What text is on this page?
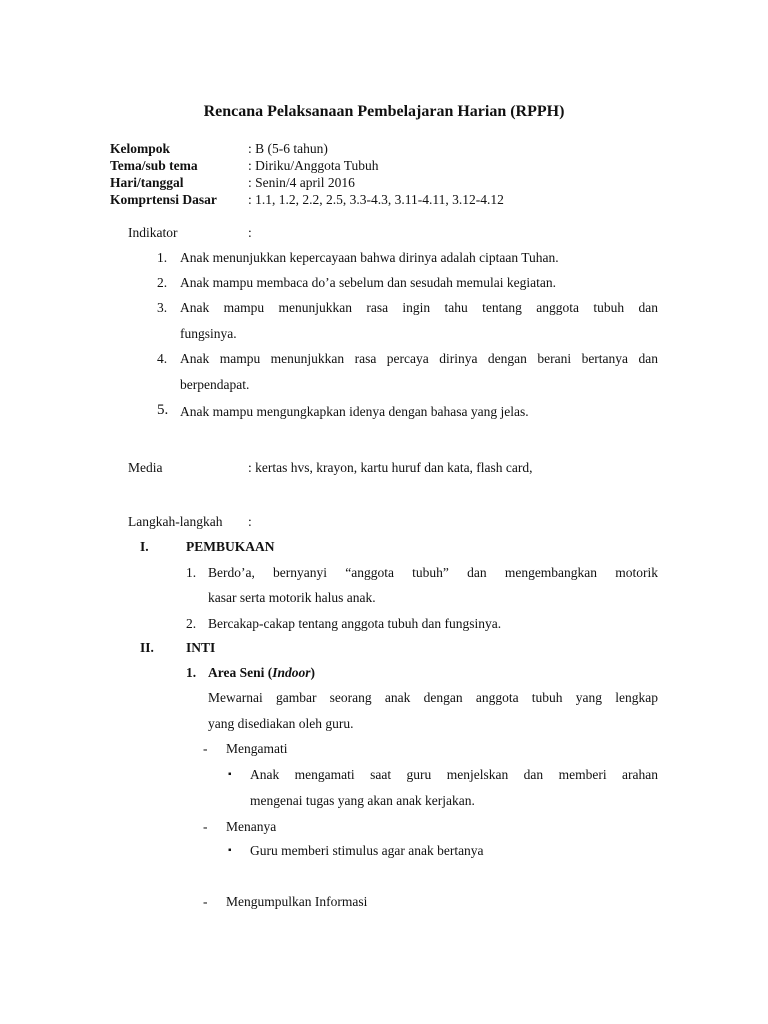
Rencana Pelaksanaan Pembelajaran Harian (RPPH)
Kelompok	: B (5-6 tahun)
Tema/sub tema	: Diriku/Anggota Tubuh
Hari/tanggal	: Senin/4 april 2016
Komprtensi Dasar : 1.1, 1.2, 2.2, 2.5, 3.3-4.3, 3.11-4.11, 3.12-4.12
Indikator	:
1. Anak menunjukkan kepercayaan bahwa dirinya adalah ciptaan Tuhan.
2. Anak mampu membaca do’a sebelum dan sesudah memulai kegiatan.
3. Anak mampu menunjukkan rasa ingin tahu tentang anggota tubuh dan
fungsinya.
4. Anak mampu menunjukkan rasa percaya dirinya dengan berani bertanya dan
berpendapat.
5. Anak mampu mengungkapkan idenya dengan bahasa yang jelas.
Media	: kertas hvs, krayon, kartu huruf dan kata, flash card,
Langkah-langkah :
I.	PEMBUKAAN
1. Berdo’a, bernyanyi “anggota tubuh” dan mengembangkan motorik
kasar serta motorik halus anak.
2. Bercakap-cakap tentang anggota tubuh dan fungsinya.
II. INTI
1. Area Seni (Indoor)
Mewarnai gambar seorang anak dengan anggota tubuh yang lengkap
yang disediakan oleh guru.
- Mengamati
▪ Anak mengamati saat guru menjelskan dan memberi arahan
mengenai tugas yang akan anak kerjakan.
- Menanya
▪ Guru memberi stimulus agar anak bertanya
- Mengumpulkan Informasi
